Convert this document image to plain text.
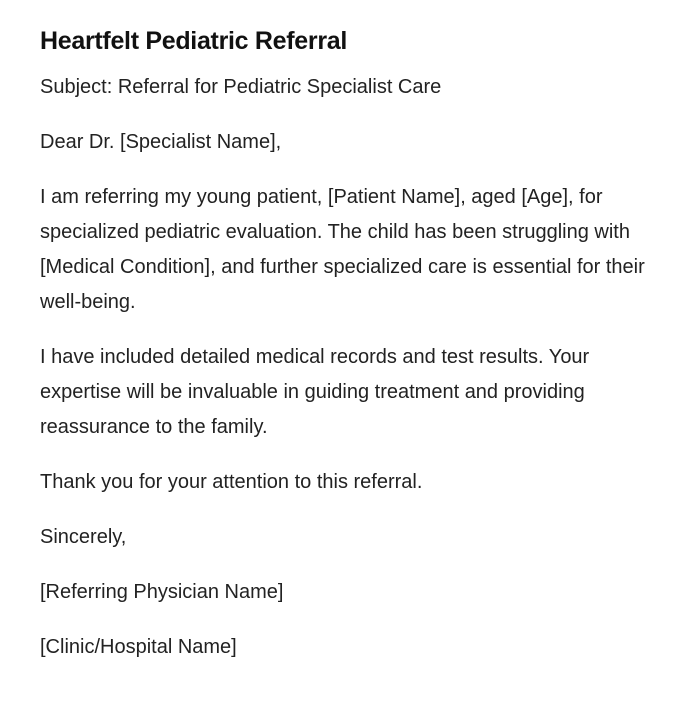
Heartfelt Pediatric Referral

Subject: Referral for Pediatric Specialist Care

Dear Dr. [Specialist Name],

I am referring my young patient, [Patient Name], aged [Age], for specialized pediatric evaluation. The child has been struggling with [Medical Condition], and further specialized care is essential for their well-being.

I have included detailed medical records and test results. Your expertise will be invaluable in guiding treatment and providing reassurance to the family.

Thank you for your attention to this referral.

Sincerely,

[Referring Physician Name]

[Clinic/Hospital Name]
